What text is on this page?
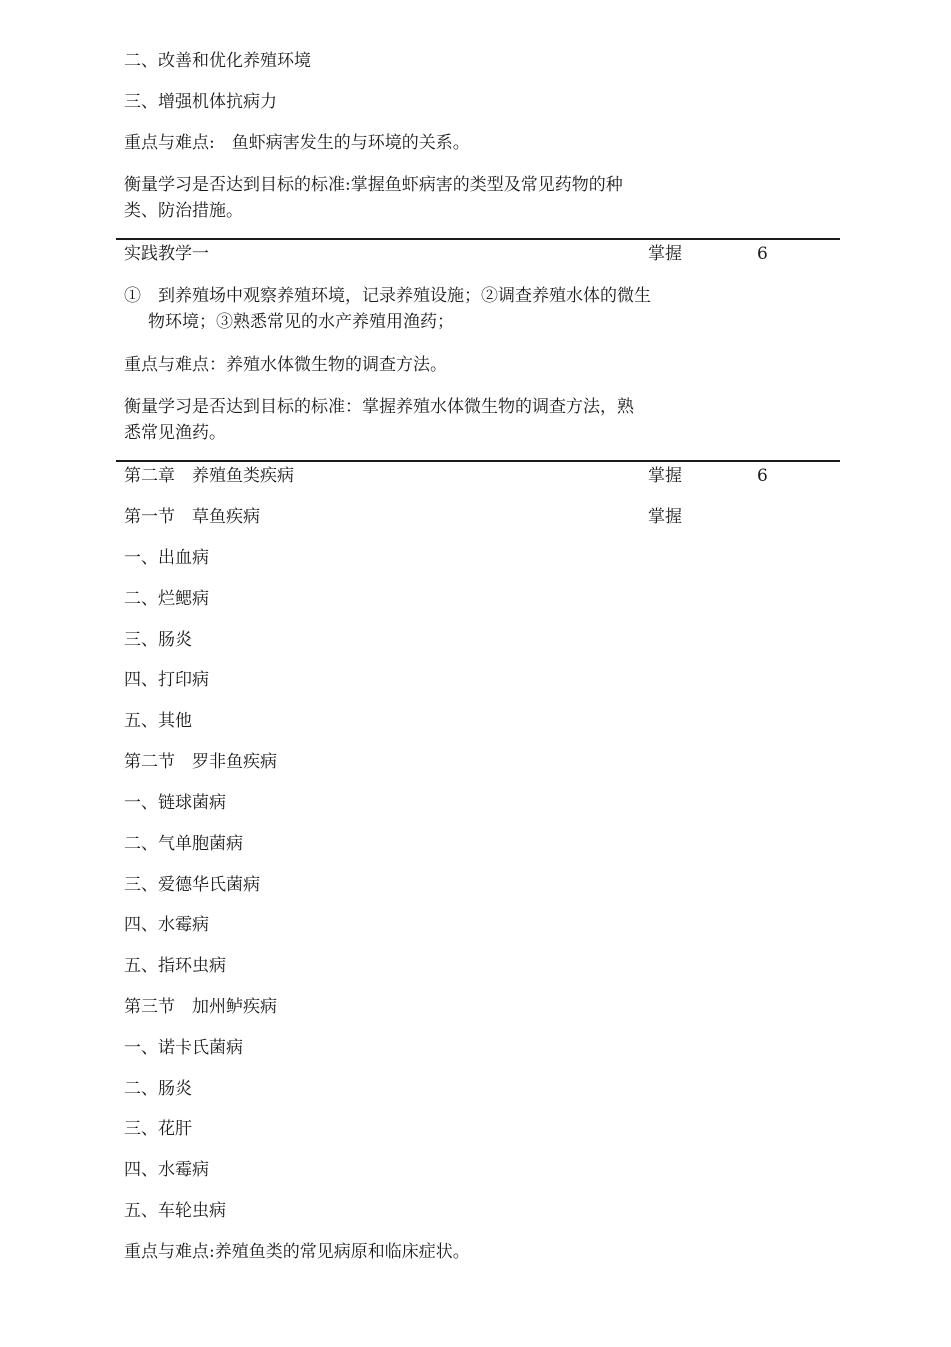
二、改善和优化养殖环境
三、增强机体抗病力
重点与难点:　鱼虾病害发生的与环境的关系。
衡量学习是否达到目标的标准:掌握鱼虾病害的类型及常见药物的种类、防治措施。
实践教学一	掌握	6
①　到养殖场中观察养殖环境，记录养殖设施；②调查养殖水体的微生物环境；③熟悉常见的水产养殖用渔药；
重点与难点：养殖水体微生物的调查方法。
衡量学习是否达到目标的标准：掌握养殖水体微生物的调查方法，熟悉常见渔药。
第二章　养殖鱼类疾病	掌握	6
第一节　草鱼疾病	掌握
一、出血病
二、烂鳃病
三、肠炎
四、打印病
五、其他
第二节　罗非鱼疾病
一、链球菌病
二、气单胞菌病
三、爱德华氏菌病
四、水霉病
五、指环虫病
第三节　加州鲈疾病
一、诺卡氏菌病
二、肠炎
三、花肝
四、水霉病
五、车轮虫病
重点与难点:养殖鱼类的常见病原和临床症状。
